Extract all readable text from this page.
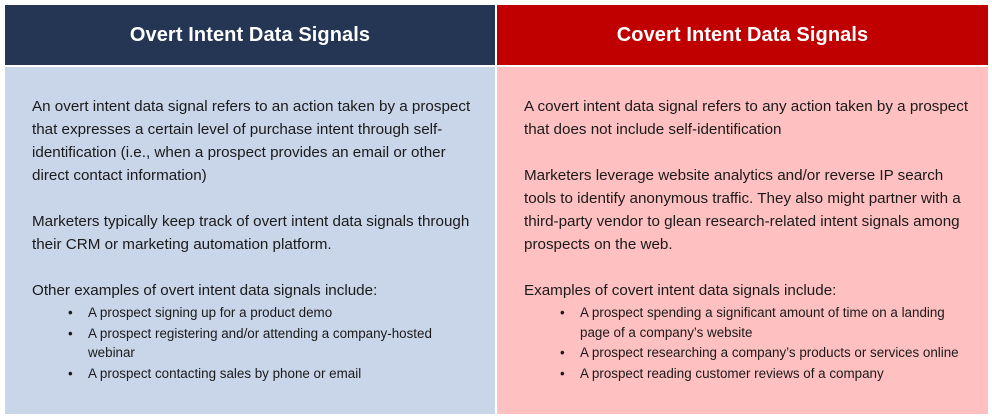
Overt Intent Data Signals	Covert Intent Data Signals

An overt intent data signal refers to an action taken by a prospect that expresses a certain level of purchase intent through self-identification (i.e., when a prospect provides an email or other direct contact information)

Marketers typically keep track of overt intent data signals through their CRM or marketing automation platform.

Other examples of overt intent data signals include:

• A prospect signing up for a product demo
• A prospect registering and/or attending a company-hosted webinar
• A prospect contacting sales by phone or email

A covert intent data signal refers to any action taken by a prospect that does not include self-identification

Marketers leverage website analytics and/or reverse IP search tools to identify anonymous traffic. They also might partner with a third-party vendor to glean research-related intent signals among prospects on the web.

Examples of covert intent data signals include:

• A prospect spending a significant amount of time on a landing page of a company’s website
• A prospect researching a company’s products or services online
• A prospect reading customer reviews of a company
